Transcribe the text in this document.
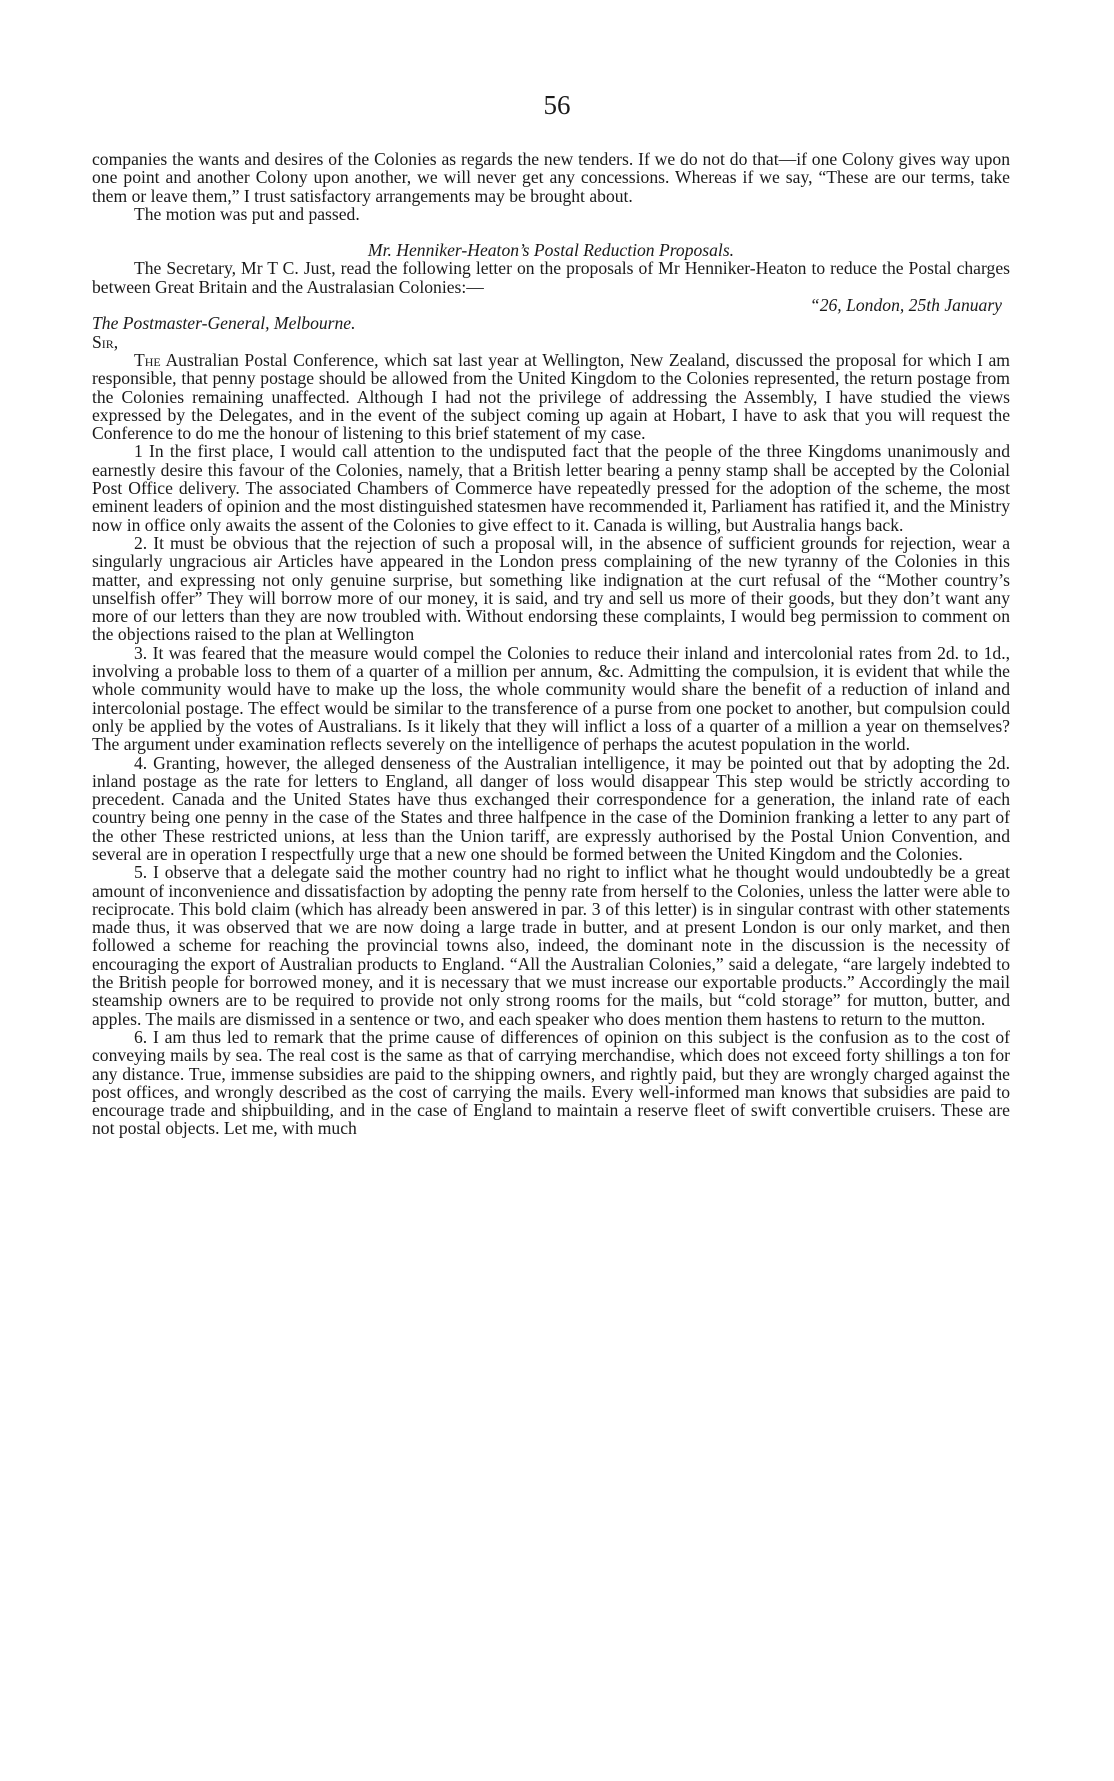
56

companies the wants and desires of the Colonies as regards the new tenders. If we do not do that—if one Colony gives way upon one point and another Colony upon another, we will never get any concessions. Whereas if we say, “These are our terms, take them or leave them,” I trust satisfactory arrangements may be brought about.

The motion was put and passed.

Mr. Henniker-Heaton’s Postal Reduction Proposals.

The Secretary, Mr T C. Just, read the following letter on the proposals of Mr Henniker-Heaton to reduce the Postal charges between Great Britain and the Australasian Colonies:—

“26, London, 25th January

The Postmaster-General, Melbourne.

Sir,

The Australian Postal Conference, which sat last year at Wellington, New Zealand, discussed the proposal for which I am responsible, that penny postage should be allowed from the United Kingdom to the Colonies represented, the return postage from the Colonies remaining unaffected. Although I had not the privilege of addressing the Assembly, I have studied the views expressed by the Delegates, and in the event of the subject coming up again at Hobart, I have to ask that you will request the Conference to do me the honour of listening to this brief statement of my case.

1 In the first place, I would call attention to the undisputed fact that the people of the three Kingdoms unanimously and earnestly desire this favour of the Colonies, namely, that a British letter bearing a penny stamp shall be accepted by the Colonial Post Office delivery. The associated Chambers of Commerce have repeatedly pressed for the adoption of the scheme, the most eminent leaders of opinion and the most distinguished statesmen have recommended it, Parliament has ratified it, and the Ministry now in office only awaits the assent of the Colonies to give effect to it. Canada is willing, but Australia hangs back.

2. It must be obvious that the rejection of such a proposal will, in the absence of sufficient grounds for rejection, wear a singularly ungracious air Articles have appeared in the London press complaining of the new tyranny of the Colonies in this matter, and expressing not only genuine surprise, but something like indignation at the curt refusal of the “Mother country’s unselfish offer” They will borrow more of our money, it is said, and try and sell us more of their goods, but they don’t want any more of our letters than they are now troubled with. Without endorsing these complaints, I would beg permission to comment on the objections raised to the plan at Wellington

3. It was feared that the measure would compel the Colonies to reduce their inland and intercolonial rates from 2d. to 1d., involving a probable loss to them of a quarter of a million per annum, &c. Admitting the compulsion, it is evident that while the whole community would have to make up the loss, the whole community would share the benefit of a reduction of inland and intercolonial postage. The effect would be similar to the transference of a purse from one pocket to another, but compulsion could only be applied by the votes of Australians. Is it likely that they will inflict a loss of a quarter of a million a year on themselves? The argument under examination reflects severely on the intelligence of perhaps the acutest population in the world.

4. Granting, however, the alleged denseness of the Australian intelligence, it may be pointed out that by adopting the 2d. inland postage as the rate for letters to England, all danger of loss would disappear This step would be strictly according to precedent. Canada and the United States have thus exchanged their correspondence for a generation, the inland rate of each country being one penny in the case of the States and three halfpence in the case of the Dominion franking a letter to any part of the other These restricted unions, at less than the Union tariff, are expressly authorised by the Postal Union Convention, and several are in operation I respectfully urge that a new one should be formed between the United Kingdom and the Colonies.

5. I observe that a delegate said the mother country had no right to inflict what he thought would undoubtedly be a great amount of inconvenience and dissatisfaction by adopting the penny rate from herself to the Colonies, unless the latter were able to reciprocate. This bold claim (which has already been answered in par. 3 of this letter) is in singular contrast with other statements made thus, it was observed that we are now doing a large trade in butter, and at present London is our only market, and then followed a scheme for reaching the provincial towns also, indeed, the dominant note in the discussion is the necessity of encouraging the export of Australian products to England. “All the Australian Colonies,” said a delegate, “are largely indebted to the British people for borrowed money, and it is necessary that we must increase our exportable products.” Accordingly the mail steamship owners are to be required to provide not only strong rooms for the mails, but “cold storage” for mutton, butter, and apples. The mails are dismissed in a sentence or two, and each speaker who does mention them hastens to return to the mutton.

6. I am thus led to remark that the prime cause of differences of opinion on this subject is the confusion as to the cost of conveying mails by sea. The real cost is the same as that of carrying merchandise, which does not exceed forty shillings a ton for any distance. True, immense subsidies are paid to the shipping owners, and rightly paid, but they are wrongly charged against the post offices, and wrongly described as the cost of carrying the mails. Every well-informed man knows that subsidies are paid to encourage trade and shipbuilding, and in the case of England to maintain a reserve fleet of swift convertible cruisers. These are not postal objects. Let me, with much
